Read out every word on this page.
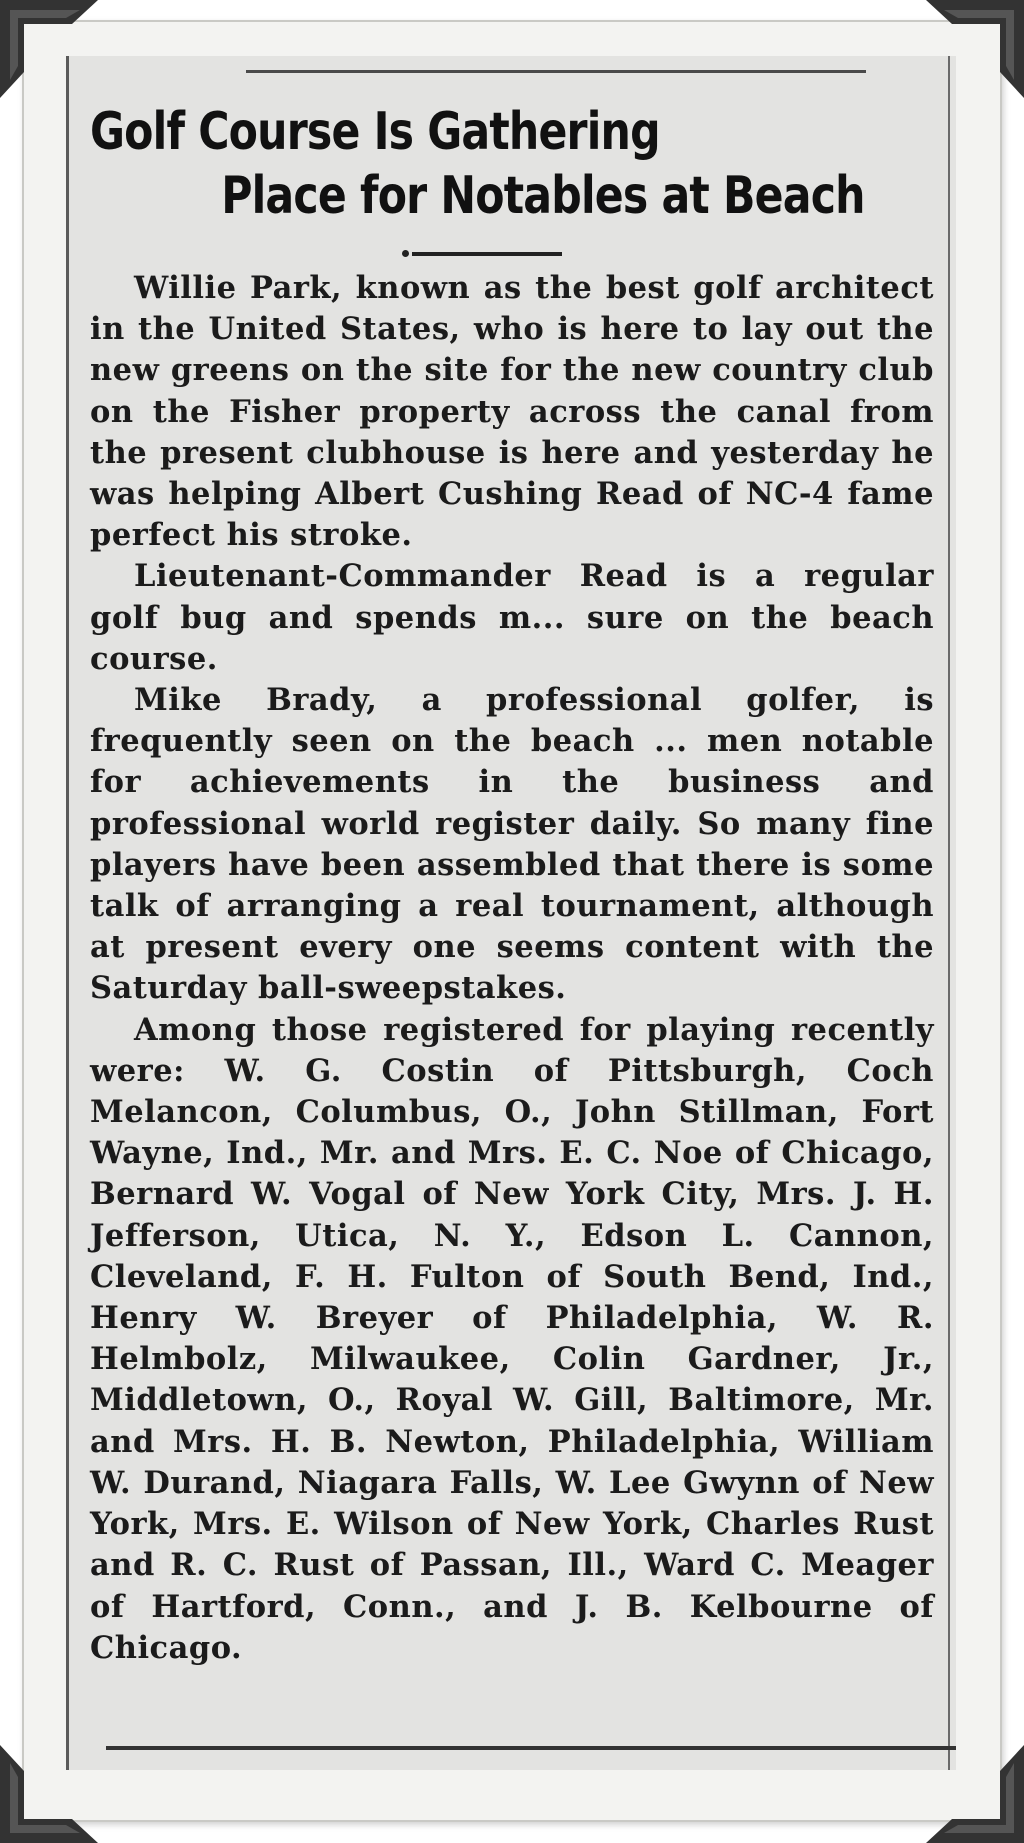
Golf Course Is Gathering
Place for Notables at Beach

Willie Park, known as the best golf architect in the United States, who is here to lay out the new greens on the site for the new country club on the Fisher property across the canal from the present clubhouse is here and yesterday he was helping Albert Cushing Read of NC-4 fame perfect his stroke.

Lieutenant-Commander Read is a regular golf bug and spends m... sure on the beach course.

Mike Brady, a professional golfer, is frequently seen on the beach ... men notable for achievements in the business and professional world register daily. So many fine players have been assembled that there is some talk of arranging a real tournament, although at present every one seems content with the Saturday ball-sweepstakes.

Among those registered for playing recently were: W. G. Costin of Pittsburgh, Coch Melancon, Columbus, O., John Stillman, Fort Wayne, Ind., Mr. and Mrs. E. C. Noe of Chicago, Bernard W. Vogal of New York City, Mrs. J. H. Jefferson, Utica, N. Y., Edson L. Cannon, Cleveland, F. H. Fulton of South Bend, Ind., Henry W. Breyer of Philadelphia, W. R. Helmbolz, Milwaukee, Colin Gardner, Jr., Middletown, O., Royal W. Gill, Baltimore, Mr. and Mrs. H. B. Newton, Philadelphia, William W. Durand, Niagara Falls, W. Lee Gwynn of New York, Mrs. E. Wilson of New York, Charles Rust and R. C. Rust of Passan, Ill., Ward C. Meager of Hartford, Conn., and J. B. Kelbourne of Chicago.
